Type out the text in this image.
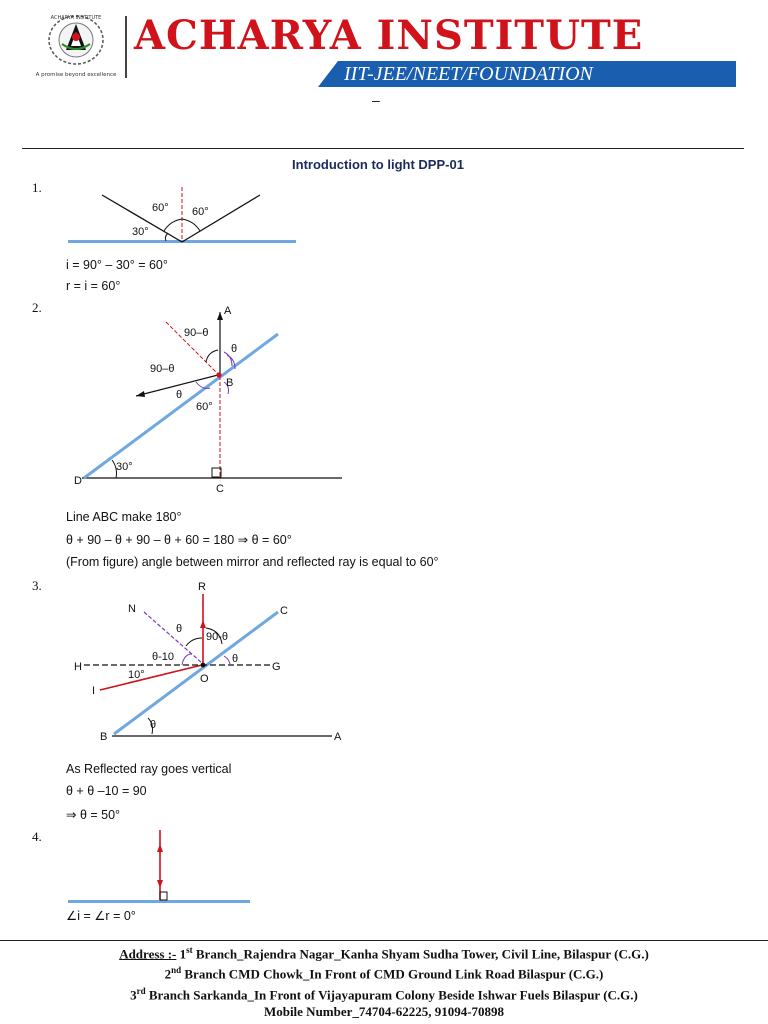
ACHARYA INSTITUTE
A promise beyond excellence
ACHARYA INSTITUTE
IIT-JEE/NEET/FOUNDATION
–
Introduction to light DPP-01
1.
60° 60°
30°
i = 90° – 30° = 60°
r = i = 60°
2.	A
B
C
D
90–θ
90–θ
θ
θ
60°
30°
Line ABC make 180°
θ + 90 – θ + 90 – θ + 60 = 180 ⇒ θ = 60°
(From figure) angle between mirror and reflected ray is equal to 60°
3.	R
C
N
H	G
I
O
B	A
θ
θ
θ
90-θ
θ-10
10°
As Reflected ray goes vertical
θ + θ –10 = 90
⇒ θ = 50°
4.
∠i = ∠r = 0°
Address :- 1st Branch_Rajendra Nagar_Kanha Shyam Sudha Tower, Civil Line, Bilaspur (C.G.)
2nd Branch CMD Chowk_In Front of CMD Ground Link Road Bilaspur (C.G.)
3rd Branch Sarkanda_In Front of Vijayapuram Colony Beside Ishwar Fuels Bilaspur (C.G.)
Mobile Number_74704-62225, 91094-70898
